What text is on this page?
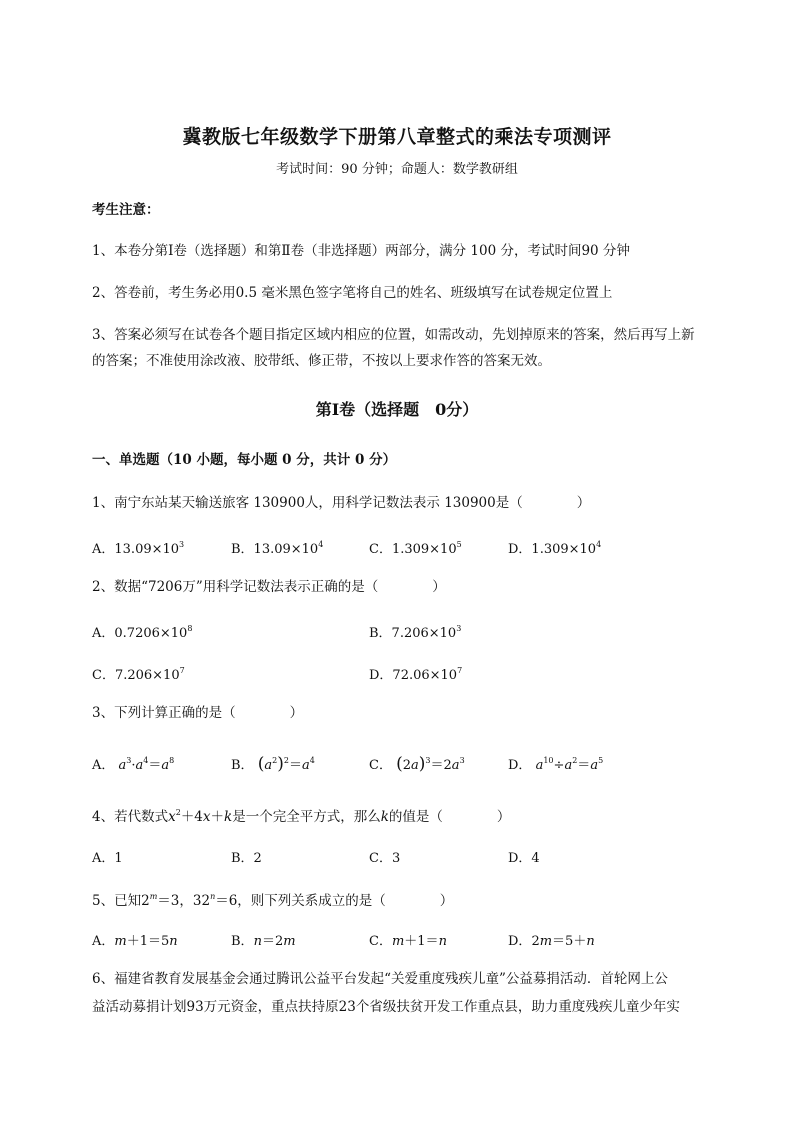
冀教版七年级数学下册第八章整式的乘法专项测评
考试时间：90 分钟；命题人：数学教研组
考生注意：
1、本卷分第Ⅰ卷（选择题）和第Ⅱ卷（非选择题）两部分，满分 100 分，考试时间90 分钟
2、答卷前，考生务必用0.5 毫米黑色签字笔将自己的姓名、班级填写在试卷规定位置上
3、答案必须写在试卷各个题目指定区域内相应的位置，如需改动，先划掉原来的答案，然后再写上新
的答案；不准使用涂改液、胶带纸、修正带，不按以上要求作答的答案无效。
第Ⅰ卷（选择题　0分）
一、单选题（10 小题，每小题 0 分，共计 0 分）
1、南宁东站某天输送旅客 130900人，用科学记数法表示 130900是（　　　　）
A．$13.09\times 10^3$	B．$13.09\times 10^4$	C．$1.309\times 10^5$	D．$1.309\times 10^4$
2、数据“7206万”用科学记数法表示正确的是（　　　　）
A．$0.7206\times 10^8$	B．$7.206\times 10^3$
C．$7.206\times 10^7$	D．$72.06\times 10^7$
3、下列计算正确的是（　　　　）
A． $a^3\cdot a^4=a^8$	B． $(a^2)^2=a^4$	C． $(2a)^3=2a^3$	D． $a^{10}\div a^2=a^5$
4、若代数式$x^2+4x+k$是一个完全平方式，那么k的值是（　　　　）
A．1	B．2	C．3	D．4
5、已知$2^m=3$，$32^n=6$，则下列关系成立的是（　　　　）
A．m＋1＝5n	B．n＝2m	C．m＋1＝n	D．2m＝5＋n
6、福建省教育发展基金会通过腾讯公益平台发起“关爱重度残疾儿童”公益募捐活动．首轮网上公
益活动募捐计划93万元资金，重点扶持原23个省级扶贫开发工作重点县，助力重度残疾儿童少年实
